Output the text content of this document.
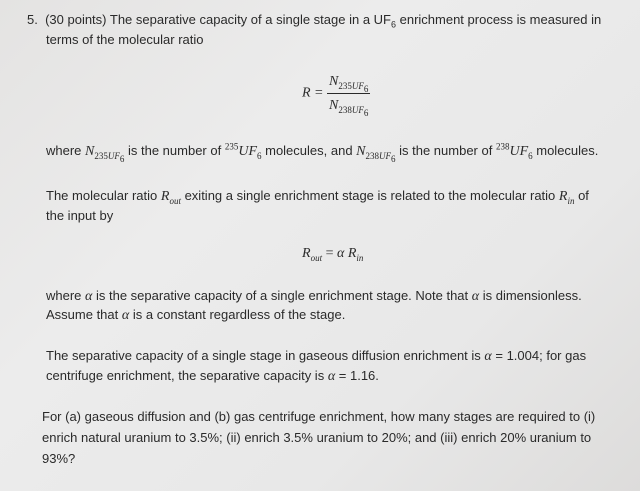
5. (30 points) The separative capacity of a single stage in a $UF_6$ enrichment process is measured in
terms of the molecular ratio
$R = \frac{N_{235UF_6}}{N_{238UF_6}}$
where $N_{235UF_6}$ is the number of $^{235}UF_6$ molecules, and $N_{238UF_6}$ is the number of $^{238}UF_6$ molecules.
The molecular ratio $R_{out}$ exiting a single enrichment stage is related to the molecular ratio $R_{in}$ of
the input by
$R_{out} = \alpha$ $R_{in}$
where α is the separative capacity of a single enrichment stage. Note that α is dimensionless.
Assume that α is a constant regardless of the stage.
The separative capacity of a single stage in gaseous diffusion enrichment is α = 1.004; for gas
centrifuge enrichment, the separative capacity is α = 1.16.
For (a) gaseous diffusion and (b) gas centrifuge enrichment, how many stages are required to (i)
enrich natural uranium to 3.5%; (ii) enrich 3.5% uranium to 20%; and (iii) enrich 20% uranium to
93%?
